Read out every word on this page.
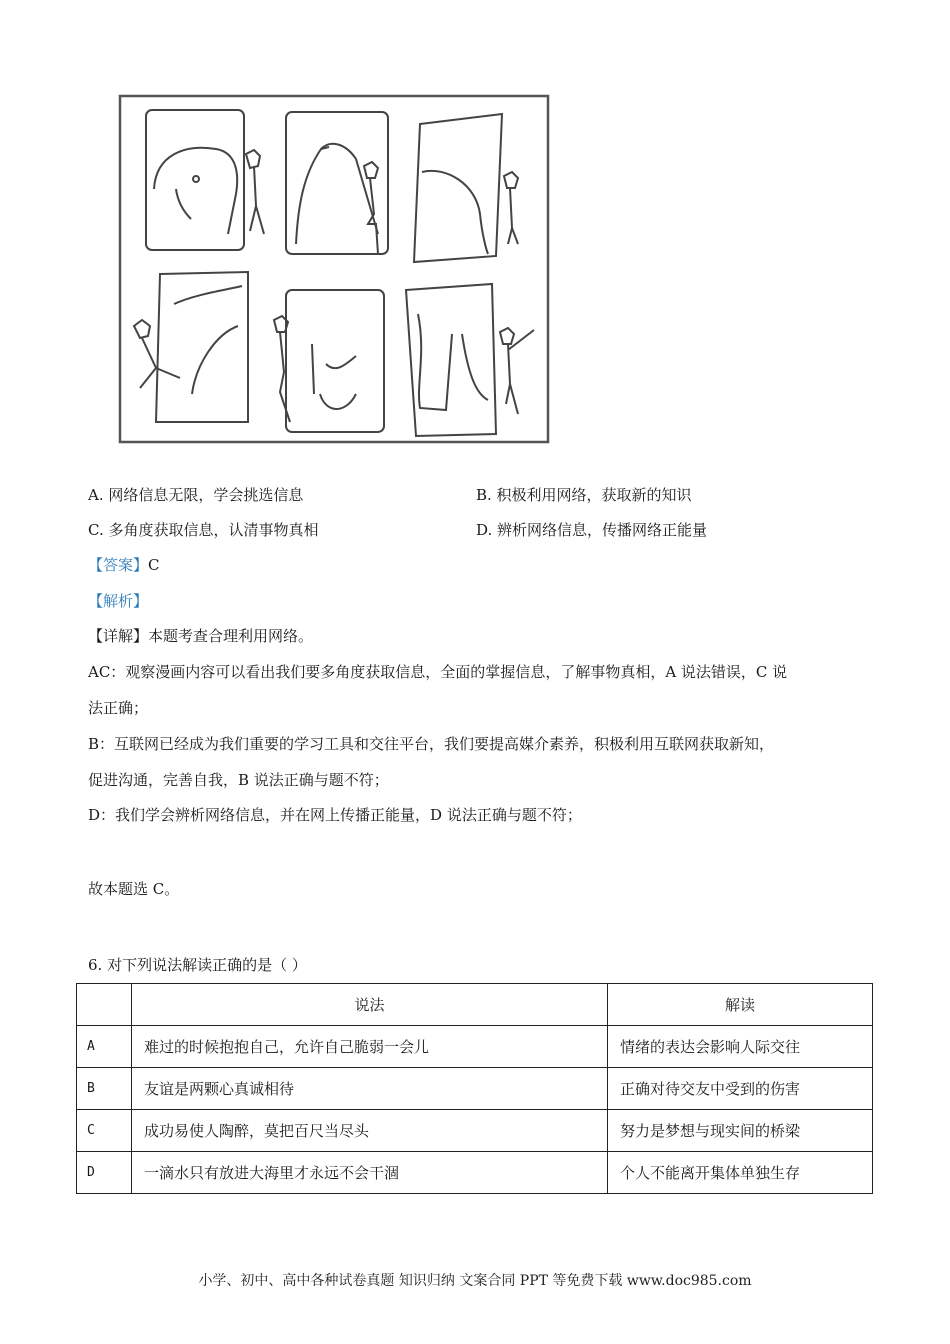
A. 网络信息无限，学会挑选信息	B. 积极利用网络，获取新的知识
C. 多角度获取信息，认清事物真相	D. 辨析网络信息，传播网络正能量
【答案】C
【解析】
【详解】本题考查合理利用网络。
AC：观察漫画内容可以看出我们要多角度获取信息，全面的掌握信息，了解事物真相，A 说法错误，C 说
法正确；
B：互联网已经成为我们重要的学习工具和交往平台，我们要提高媒介素养，积极利用互联网获取新知，
促进沟通，完善自我，B 说法正确与题不符；
D：我们学会辨析网络信息，并在网上传播正能量，D 说法正确与题不符；
故本题选 C。
6. 对下列说法解读正确的是（ ）
	说法	解读
A	难过的时候抱抱自己，允许自己脆弱一会儿	情绪的表达会影响人际交往
B	友谊是两颗心真诚相待	正确对待交友中受到的伤害
C	成功易使人陶醉，莫把百尺当尽头	努力是梦想与现实间的桥梁
D	一滴水只有放进大海里才永远不会干涸	个人不能离开集体单独生存
小学、初中、高中各种试卷真题 知识归纳 文案合同 PPT 等免费下载 www.doc985.com
